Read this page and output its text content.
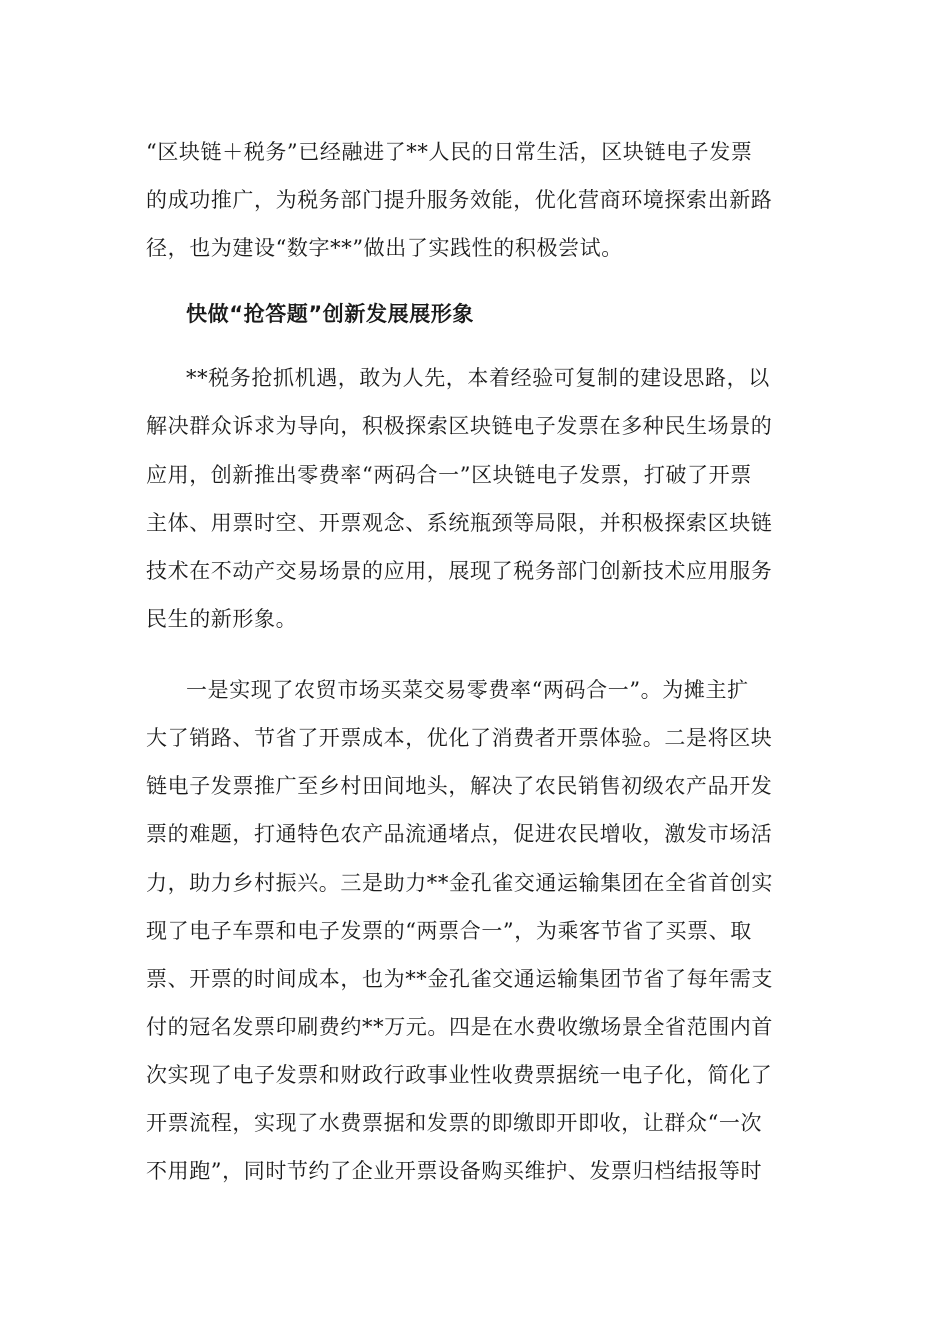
“区块链＋税务”已经融进了**人民的日常生活，区块链电子发票
的成功推广，为税务部门提升服务效能，优化营商环境探索出新路
径，也为建设“数字**”做出了实践性的积极尝试。
快做“抢答题”创新发展展形象
**税务抢抓机遇，敢为人先，本着经验可复制的建设思路，以
解决群众诉求为导向，积极探索区块链电子发票在多种民生场景的
应用，创新推出零费率“两码合一”区块链电子发票，打破了开票
主体、用票时空、开票观念、系统瓶颈等局限，并积极探索区块链
技术在不动产交易场景的应用，展现了税务部门创新技术应用服务
民生的新形象。
一是实现了农贸市场买菜交易零费率“两码合一”。为摊主扩
大了销路、节省了开票成本，优化了消费者开票体验。二是将区块
链电子发票推广至乡村田间地头，解决了农民销售初级农产品开发
票的难题，打通特色农产品流通堵点，促进农民增收，激发市场活
力，助力乡村振兴。三是助力**金孔雀交通运输集团在全省首创实
现了电子车票和电子发票的“两票合一”，为乘客节省了买票、取
票、开票的时间成本，也为**金孔雀交通运输集团节省了每年需支
付的冠名发票印刷费约**万元。四是在水费收缴场景全省范围内首
次实现了电子发票和财政行政事业性收费票据统一电子化，简化了
开票流程，实现了水费票据和发票的即缴即开即收，让群众“一次
不用跑”，同时节约了企业开票设备购买维护、发票归档结报等时
